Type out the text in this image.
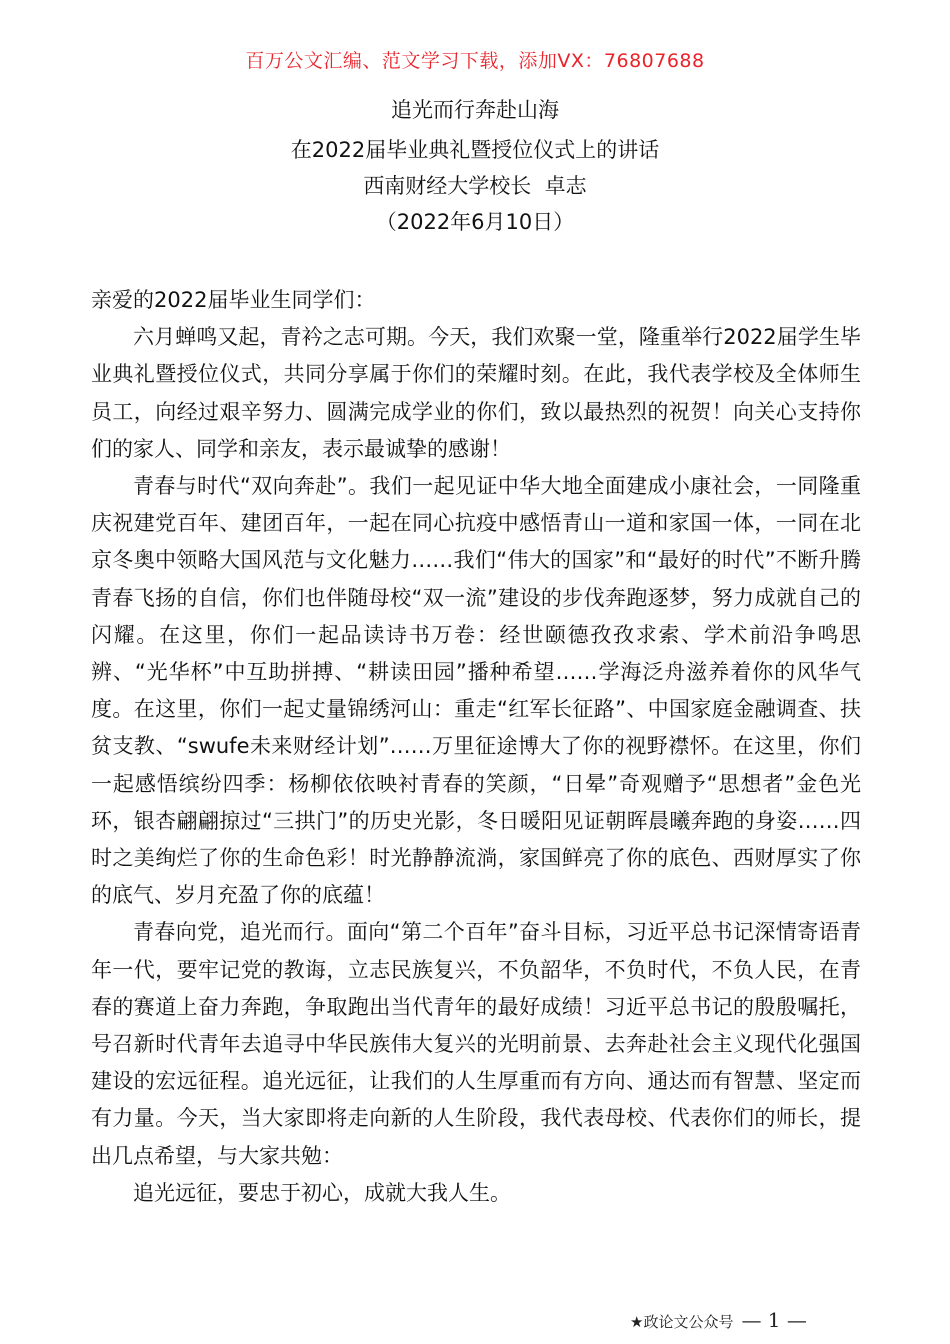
百万公文汇编、范文学习下载，添加VX：76807688
追光而行奔赴山海
在2022届毕业典礼暨授位仪式上的讲话
西南财经大学校长  卓志
（2022年6月10日）

亲爱的2022届毕业生同学们：

六月蝉鸣又起，青衿之志可期。今天，我们欢聚一堂，隆重举行2022届学生毕业典礼暨授位仪式，共同分享属于你们的荣耀时刻。在此，我代表学校及全体师生员工，向经过艰辛努力、圆满完成学业的你们，致以最热烈的祝贺！向关心支持你们的家人、同学和亲友，表示最诚挚的感谢！

青春与时代“双向奔赴”。我们一起见证中华大地全面建成小康社会，一同隆重庆祝建党百年、建团百年，一起在同心抗疫中感悟青山一道和家国一体，一同在北京冬奥中领略大国风范与文化魅力……我们“伟大的国家”和“最好的时代”不断升腾青春飞扬的自信，你们也伴随母校“双一流”建设的步伐奔跑逐梦，努力成就自己的闪耀。在这里，你们一起品读诗书万卷：经世颐德孜孜求索、学术前沿争鸣思辨、“光华杯”中互助拼搏、“耕读田园”播种希望……学海泛舟滋养着你的风华气度。在这里，你们一起丈量锦绣河山：重走“红军长征路”、中国家庭金融调查、扶贫支教、“swufe未来财经计划”……万里征途博大了你的视野襟怀。在这里，你们一起感悟缤纷四季：杨柳依依映衬青春的笑颜，“日晕”奇观赠予“思想者”金色光环，银杏翩翩掠过“三拱门”的历史光影，冬日暖阳见证朝晖晨曦奔跑的身姿……四时之美绚烂了你的生命色彩！时光静静流淌，家国鲜亮了你的底色、西财厚实了你的底气、岁月充盈了你的底蕴！

青春向党，追光而行。面向“第二个百年”奋斗目标，习近平总书记深情寄语青年一代，要牢记党的教诲，立志民族复兴，不负韶华，不负时代，不负人民，在青春的赛道上奋力奔跑，争取跑出当代青年的最好成绩！习近平总书记的殷殷嘱托，号召新时代青年去追寻中华民族伟大复兴的光明前景、去奔赴社会主义现代化强国建设的宏远征程。追光远征，让我们的人生厚重而有方向、通达而有智慧、坚定而有力量。今天，当大家即将走向新的人生阶段，我代表母校、代表你们的师长，提出几点希望，与大家共勉：

追光远征，要忠于初心，成就大我人生。

★政论文公众号 — 1 —
